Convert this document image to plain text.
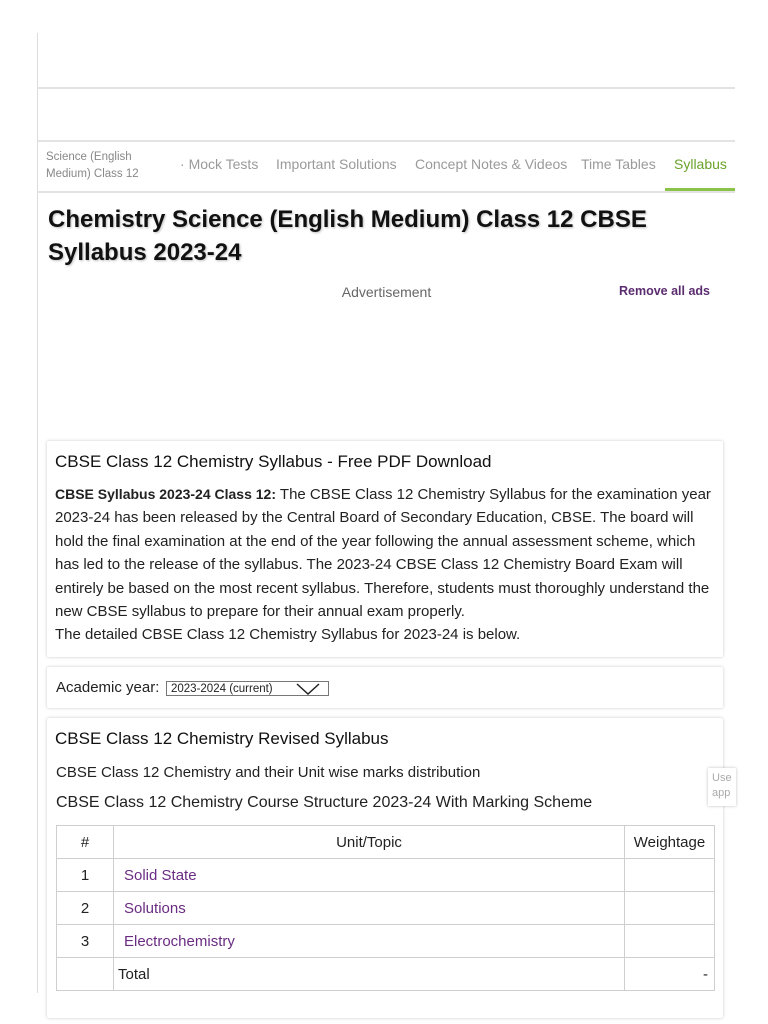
Science (English Medium) Class 12
· Mock Tests Important Solutions Concept Notes & Videos Time Tables Syllabus
Chemistry Science (English Medium) Class 12 CBSE Syllabus 2023-24
Advertisement	Remove all ads
CBSE Class 12 Chemistry Syllabus - Free PDF Download
CBSE Syllabus 2023-24 Class 12: The CBSE Class 12 Chemistry Syllabus for the examination year 2023-24 has been released by the Central Board of Secondary Education, CBSE. The board will hold the final examination at the end of the year following the annual assessment scheme, which has led to the release of the syllabus. The 2023-24 CBSE Class 12 Chemistry Board Exam will entirely be based on the most recent syllabus. Therefore, students must thoroughly understand the new CBSE syllabus to prepare for their annual exam properly.
The detailed CBSE Class 12 Chemistry Syllabus for 2023-24 is below.
Academic year:	2023-2024 (current)
CBSE Class 12 Chemistry Revised Syllabus
CBSE Class 12 Chemistry and their Unit wise marks distribution
CBSE Class 12 Chemistry Course Structure 2023-24 With Marking Scheme
#	Unit/Topic	Weightage
1	Solid State	
2	Solutions	
3	Electrochemistry	
	Total	-
Use app
